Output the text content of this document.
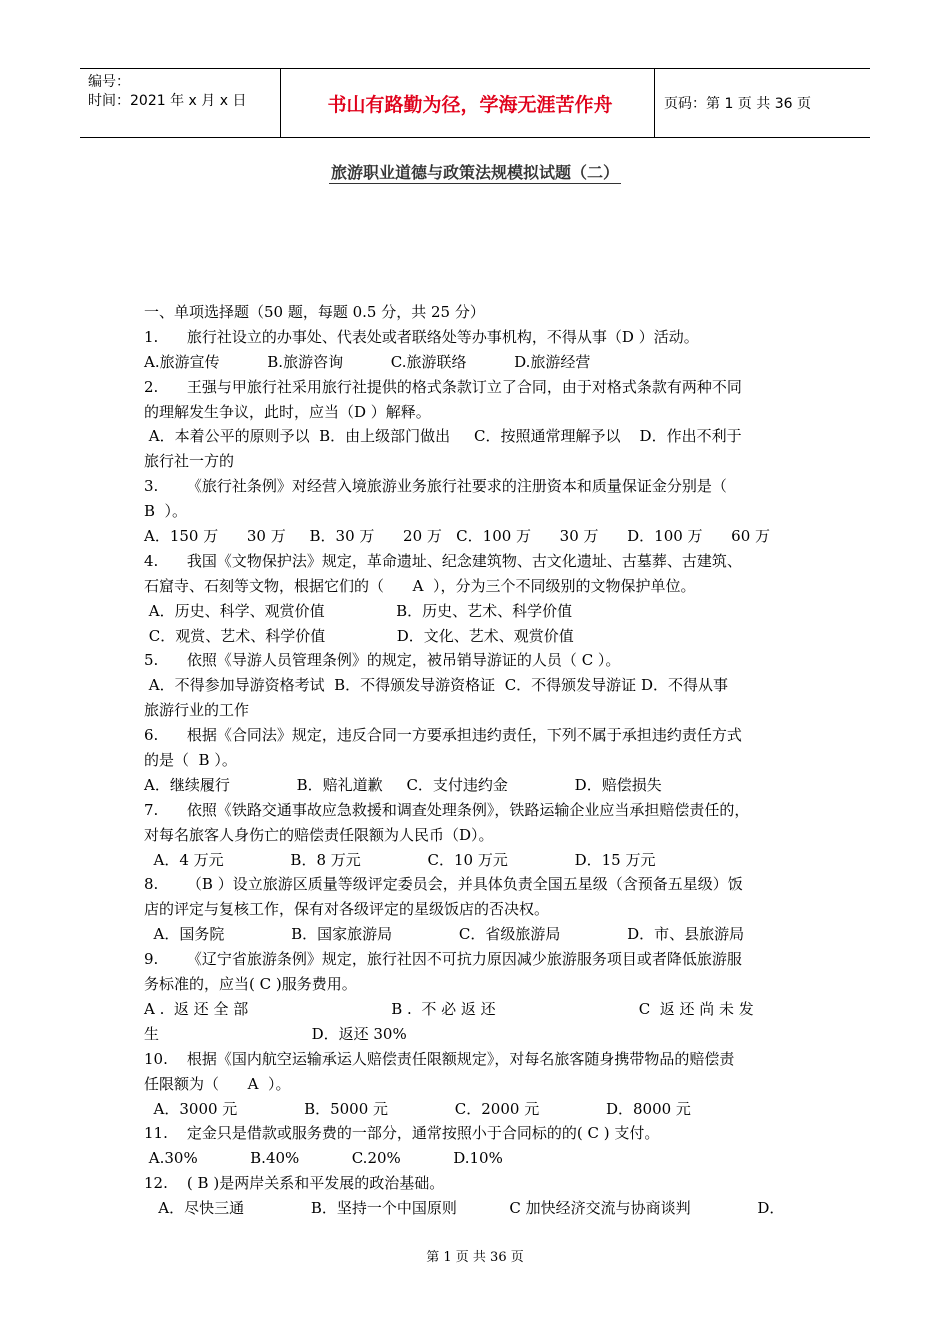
编号：
时间：2021 年 x 月 x 日	书山有路勤为径，学海无涯苦作舟	页码：第 1 页 共 36 页
旅游职业道德与政策法规模拟试题（二）
一、单项选择题（50 题，每题 0.5 分，共 25 分）
1.      旅行社设立的办事处、代表处或者联络处等办事机构，不得从事（D ）活动。
A.旅游宣传          B.旅游咨询          C.旅游联络          D.旅游经营
2.      王强与甲旅行社采用旅行社提供的格式条款订立了合同，由于对格式条款有两种不同
的理解发生争议，此时，应当（D ）解释。
A．本着公平的原则予以  B．由上级部门做出     C．按照通常理解予以    D．作出不利于
旅行社一方的
3.      《旅行社条例》对经营入境旅游业务旅行社要求的注册资本和质量保证金分别是（
B  ）。
A．150 万      30 万     B．30 万      20 万   C．100 万      30 万      D．100 万      60 万
4.      我国《文物保护法》规定，革命遗址、纪念建筑物、古文化遗址、古墓葬、古建筑、
石窟寺、石刻等文物，根据它们的（      A  ），分为三个不同级别的文物保护单位。
A．历史、科学、观赏价值               B．历史、艺术、科学价值
C．观赏、艺术、科学价值               D．文化、艺术、观赏价值
5.      依照《导游人员管理条例》的规定，被吊销导游证的人员（ C ）。
A．不得参加导游资格考试  B．不得颁发导游资格证  C．不得颁发导游证 D．不得从事
旅游行业的工作
6.      根据《合同法》规定，违反合同一方要承担违约责任，下列不属于承担违约责任方式
的是（  B ）。
A．继续履行              B．赔礼道歉     C．支付违约金              D．赔偿损失
7.      依照《铁路交通事故应急救援和调查处理条例》，铁路运输企业应当承担赔偿责任的，
对每名旅客人身伤亡的赔偿责任限额为人民币（D）。
A．4 万元              B．8 万元              C．10 万元              D．15 万元
8.      （B ）设立旅游区质量等级评定委员会，并具体负责全国五星级（含预备五星级）饭
店的评定与复核工作，保有对各级评定的星级饭店的否决权。
A．国务院              B．国家旅游局              C．省级旅游局              D．市、县旅游局
9.      《辽宁省旅游条例》规定，旅行社因不可抗力原因减少旅游服务项目或者降低旅游服
务标准的，应当( C )服务费用。
A .  返 还 全 部                              B .  不 必 返 还                              C  返 还 尚 未 发
生                                D．返还 30%
10.    根据《国内航空运输承运人赔偿责任限额规定》，对每名旅客随身携带物品的赔偿责
任限额为（      A  ）。
A．3000 元              B．5000 元              C．2000 元              D．8000 元
11.    定金只是借款或服务费的一部分，通常按照小于合同标的的( C ) 支付。
A.30%           B.40%           C.20%           D.10%
12.    ( B )是两岸关系和平发展的政治基础。
A．尽快三通              B．坚持一个中国原则           C 加快经济交流与协商谈判              D．
第 1 页 共 36 页
